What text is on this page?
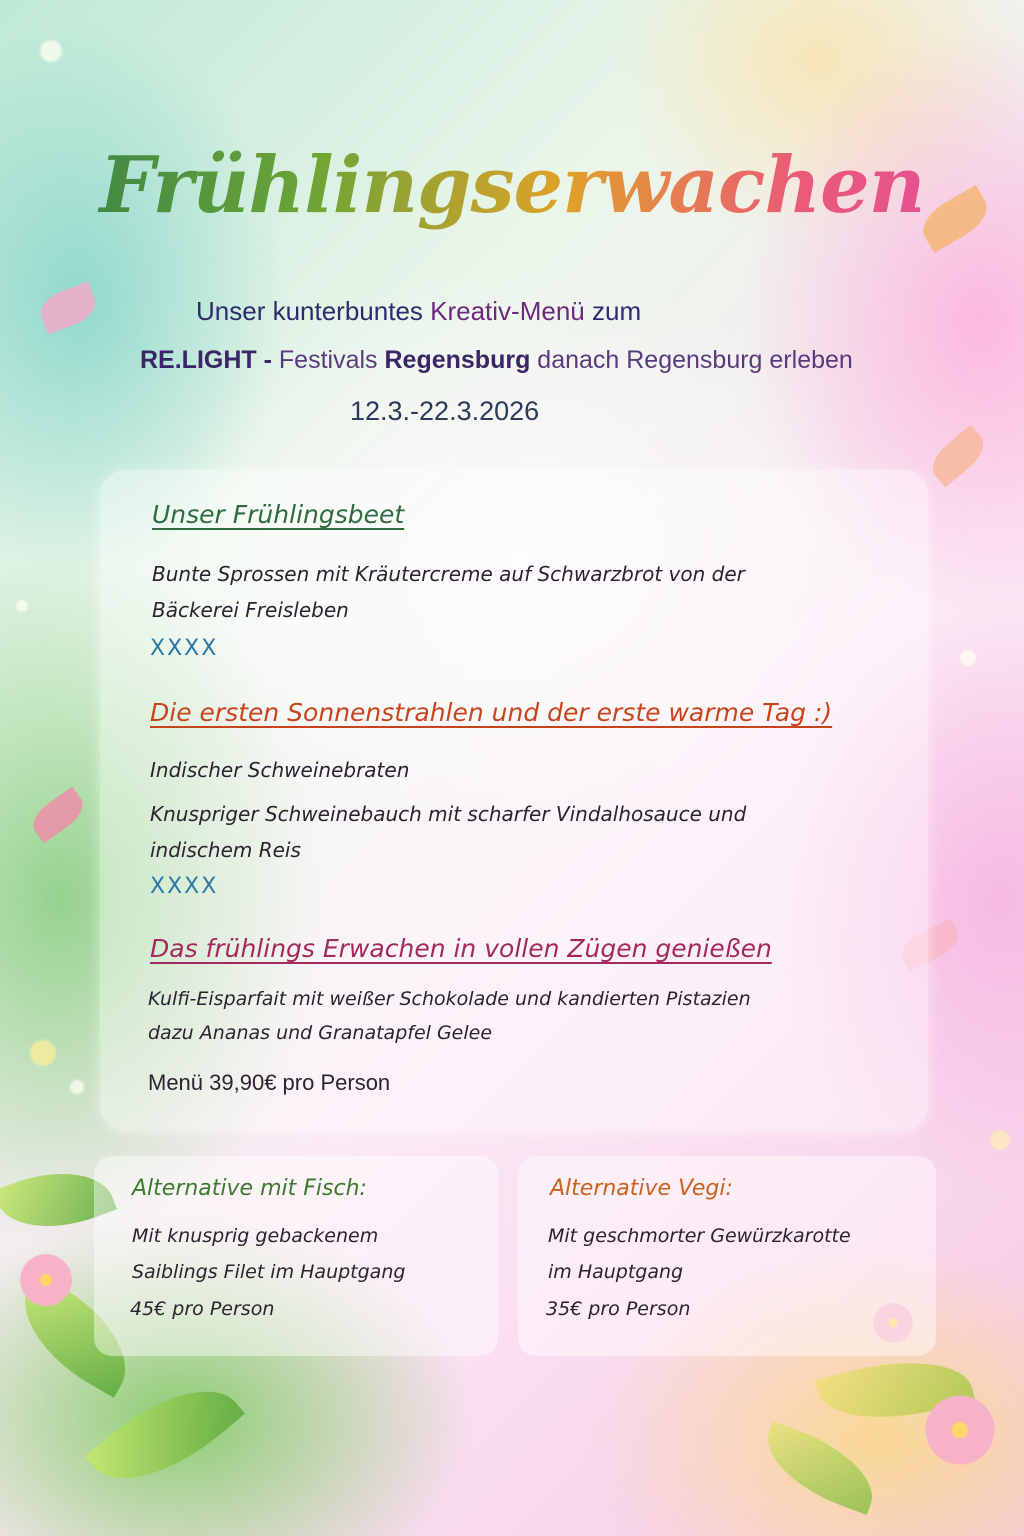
Frühlingserwachen
Unser kunterbuntes Kreativ-Menü zum
RE.LIGHT - Festivals Regensburg danach Regensburg erleben
12.3.-22.3.2026
Unser Frühlingsbeet
Bunte Sprossen mit Kräutercreme auf Schwarzbrot von der
Bäckerei Freisleben
XXXX
Die ersten Sonnenstrahlen und der erste warme Tag :)
Indischer Schweinebraten
Knuspriger Schweinebauch mit scharfer Vindalhosauce und
indischem Reis
XXXX
Das frühlings Erwachen in vollen Zügen genießen
Kulfi-Eisparfait mit weißer Schokolade und kandierten Pistazien
dazu Ananas und Granatapfel Gelee
Menü 39,90€ pro Person
Alternative mit Fisch:
Mit knusprig gebackenem
Saiblings Filet im Hauptgang
45€ pro Person
Alternative Vegi:
Mit geschmorter Gewürzkarotte
im Hauptgang
35€ pro Person
